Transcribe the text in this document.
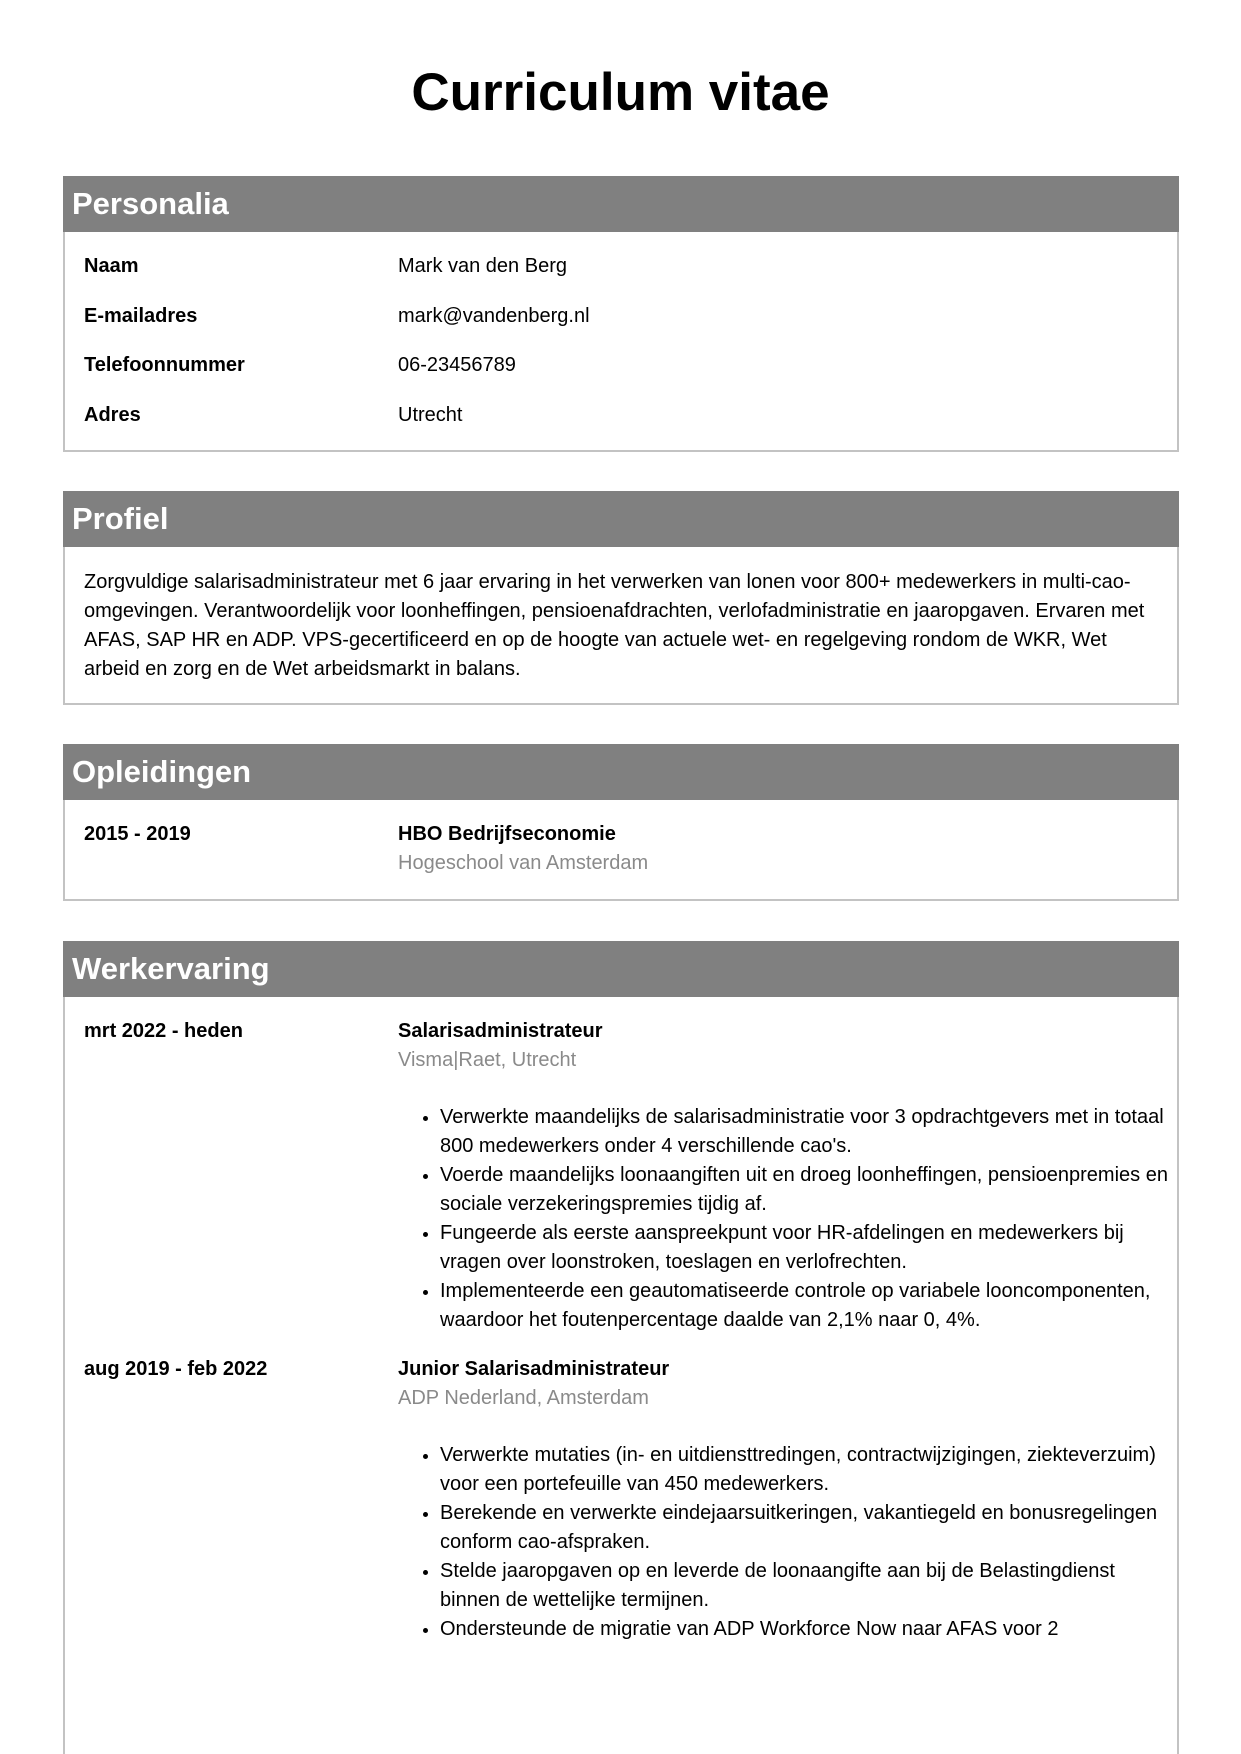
Curriculum vitae
Personalia
Naam	Mark van den Berg
E-mailadres	mark@vandenberg.nl
Telefoonnummer	06-23456789
Adres	Utrecht
Profiel
Zorgvuldige salarisadministrateur met 6 jaar ervaring in het verwerken van lonen voor 800+ medewerkers in multi-cao-omgevingen. Verantwoordelijk voor loonheffingen, pensioenafdrachten, verlofadministratie en jaaropgaven. Ervaren met AFAS, SAP HR en ADP. VPS-gecertificeerd en op de hoogte van actuele wet- en regelgeving rondom de WKR, Wet arbeid en zorg en de Wet arbeidsmarkt in balans.
Opleidingen
2015 - 2019	HBO Bedrijfseconomie
Hogeschool van Amsterdam
Werkervaring
mrt 2022 - heden	Salarisadministrateur
Visma|Raet, Utrecht
• Verwerkte maandelijks de salarisadministratie voor 3 opdrachtgevers met in totaal 800 medewerkers onder 4 verschillende cao's.
• Voerde maandelijks loonaangiften uit en droeg loonheffingen, pensioenpremies en sociale verzekeringspremies tijdig af.
• Fungeerde als eerste aanspreekpunt voor HR-afdelingen en medewerkers bij vragen over loonstroken, toeslagen en verlofrechten.
• Implementeerde een geautomatiseerde controle op variabele looncomponenten, waardoor het foutenpercentage daalde van 2,1% naar 0, 4%.
aug 2019 - feb 2022	Junior Salarisadministrateur
ADP Nederland, Amsterdam
• Verwerkte mutaties (in- en uitdiensttredingen, contractwijzigingen, ziekteverzuim) voor een portefeuille van 450 medewerkers.
• Berekende en verwerkte eindejaarsuitkeringen, vakantiegeld en bonusregelingen conform cao-afspraken.
• Stelde jaaropgaven op en leverde de loonaangifte aan bij de Belastingdienst binnen de wettelijke termijnen.
• Ondersteunde de migratie van ADP Workforce Now naar AFAS voor 2
